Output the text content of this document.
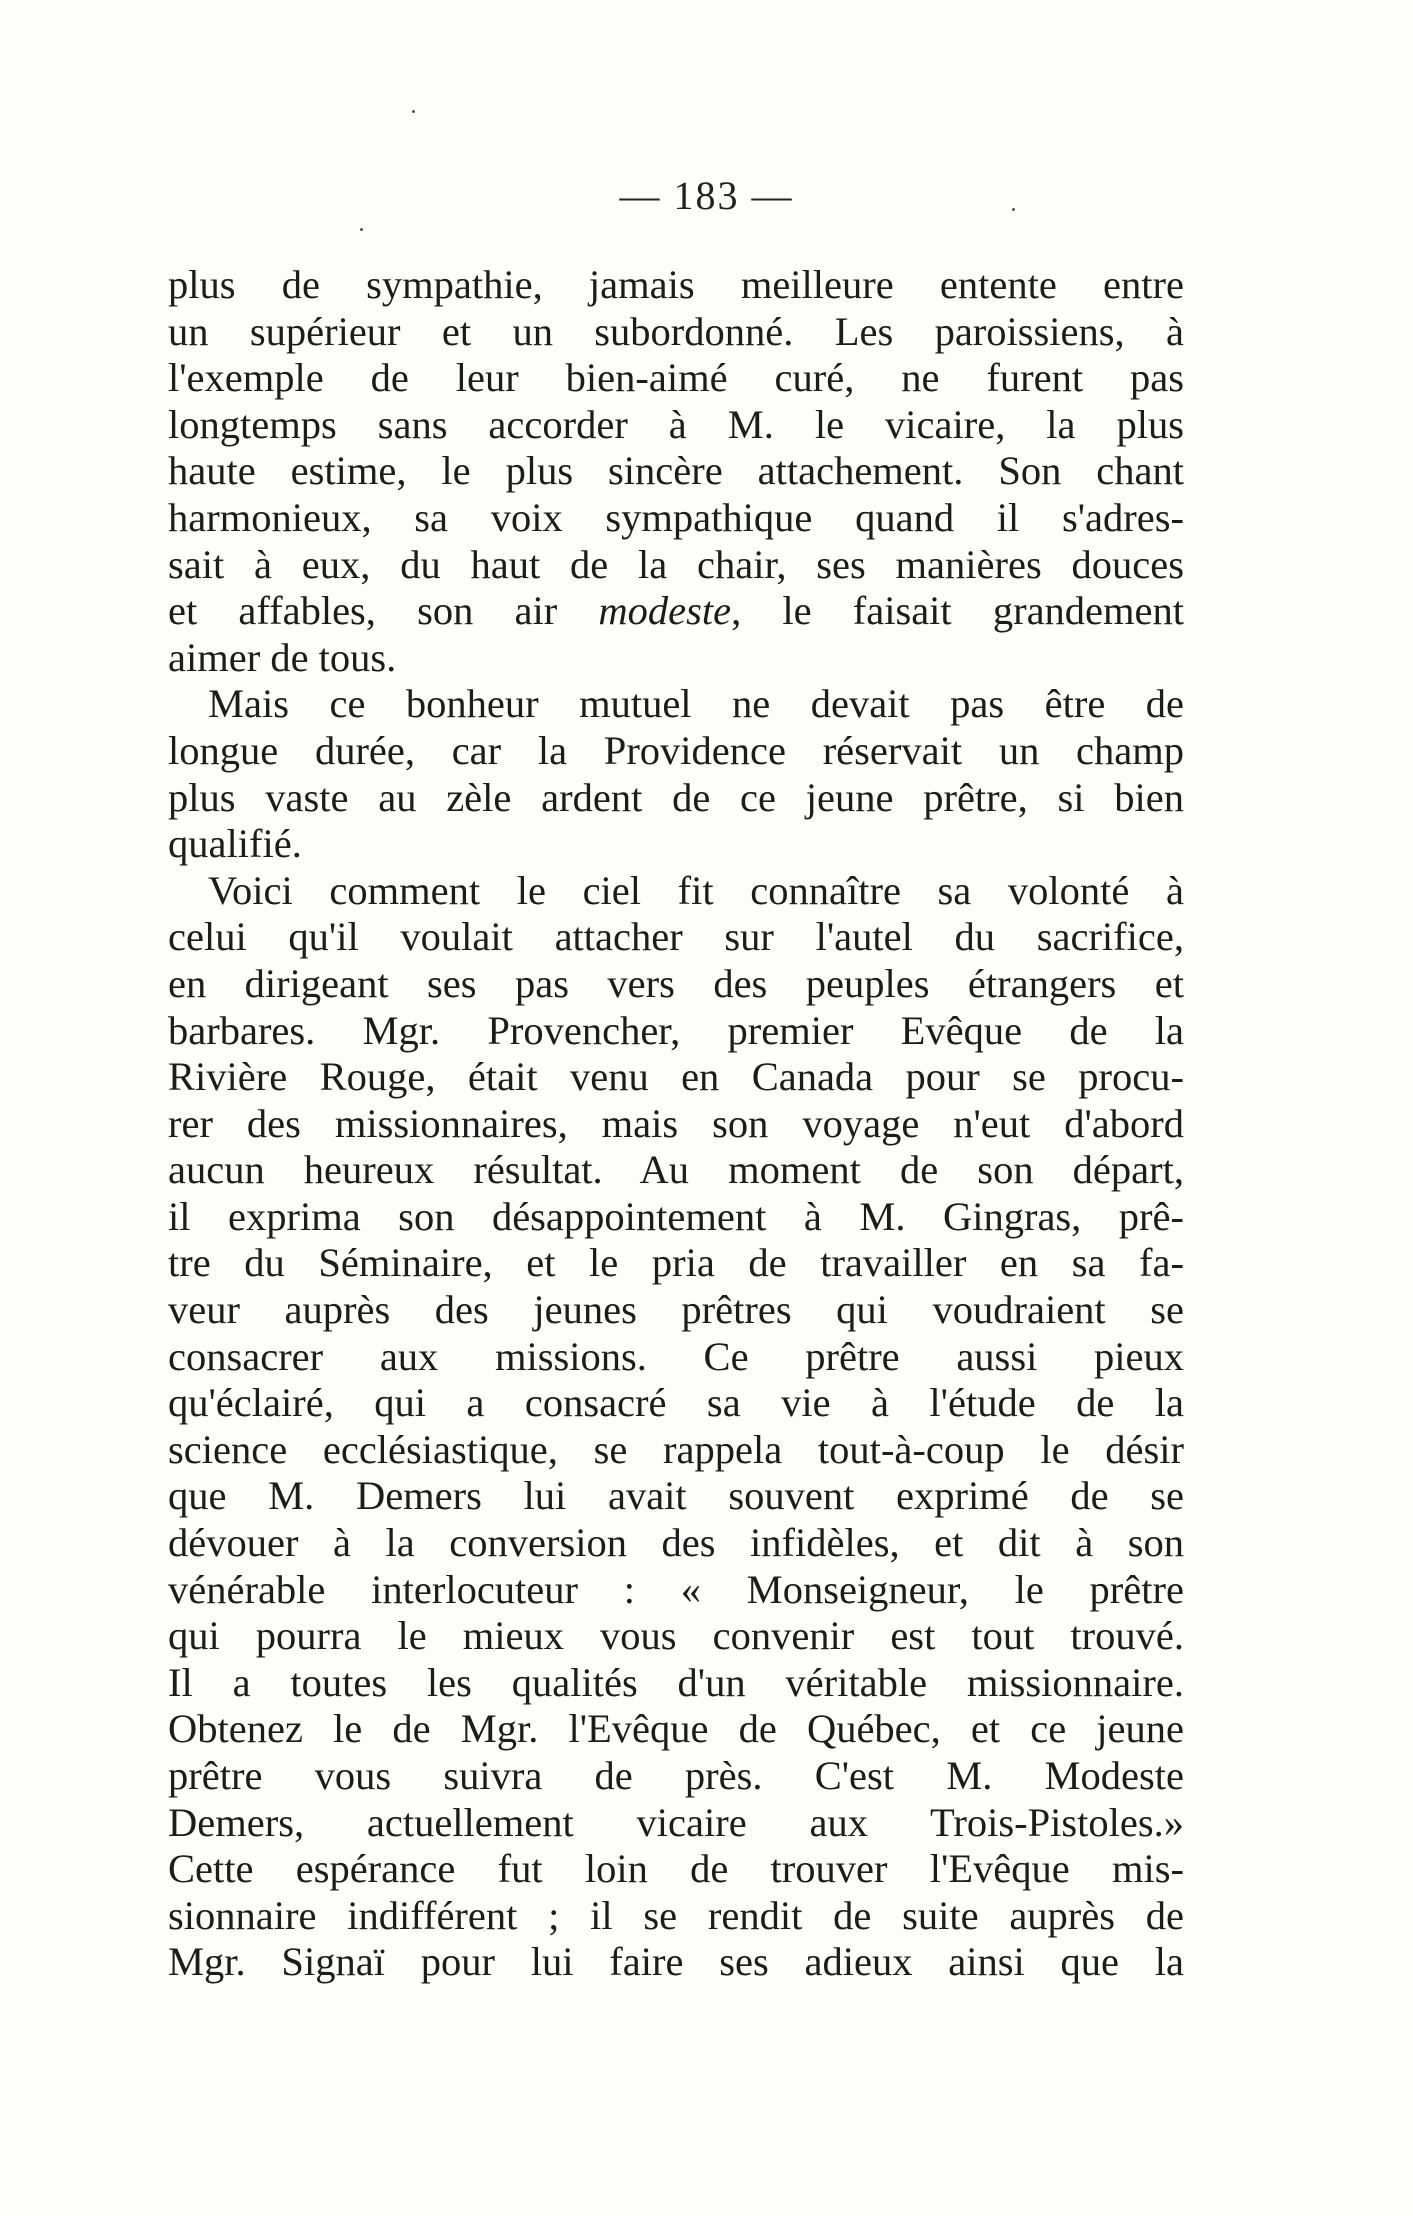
— 183 —
plus de sympathie, jamais meilleure entente entre
un supérieur et un subordonné. Les paroissiens, à
l'exemple de leur bien-aimé curé, ne furent pas
longtemps sans accorder à M. le vicaire, la plus
haute estime, le plus sincère attachement. Son chant
harmonieux, sa voix sympathique quand il s'adres-
sait à eux, du haut de la chair, ses manières douces
et affables, son air modeste, le faisait grandement
aimer de tous.
Mais ce bonheur mutuel ne devait pas être de
longue durée, car la Providence réservait un champ
plus vaste au zèle ardent de ce jeune prêtre, si bien
qualifié.
Voici comment le ciel fit connaître sa volonté à
celui qu'il voulait attacher sur l'autel du sacrifice,
en dirigeant ses pas vers des peuples étrangers et
barbares. Mgr. Provencher, premier Evêque de la
Rivière Rouge, était venu en Canada pour se procu-
rer des missionnaires, mais son voyage n'eut d'abord
aucun heureux résultat. Au moment de son départ,
il exprima son désappointement à M. Gingras, prê-
tre du Séminaire, et le pria de travailler en sa fa-
veur auprès des jeunes prêtres qui voudraient se
consacrer aux missions. Ce prêtre aussi pieux
qu'éclairé, qui a consacré sa vie à l'étude de la
science ecclésiastique, se rappela tout-à-coup le désir
que M. Demers lui avait souvent exprimé de se
dévouer à la conversion des infidèles, et dit à son
vénérable interlocuteur : « Monseigneur, le prêtre
qui pourra le mieux vous convenir est tout trouvé.
Il a toutes les qualités d'un véritable missionnaire.
Obtenez le de Mgr. l'Evêque de Québec, et ce jeune
prêtre vous suivra de près. C'est M. Modeste
Demers, actuellement vicaire aux Trois-Pistoles.»
Cette espérance fut loin de trouver l'Evêque mis-
sionnaire indifférent ; il se rendit de suite auprès de
Mgr. Signaï pour lui faire ses adieux ainsi que la
